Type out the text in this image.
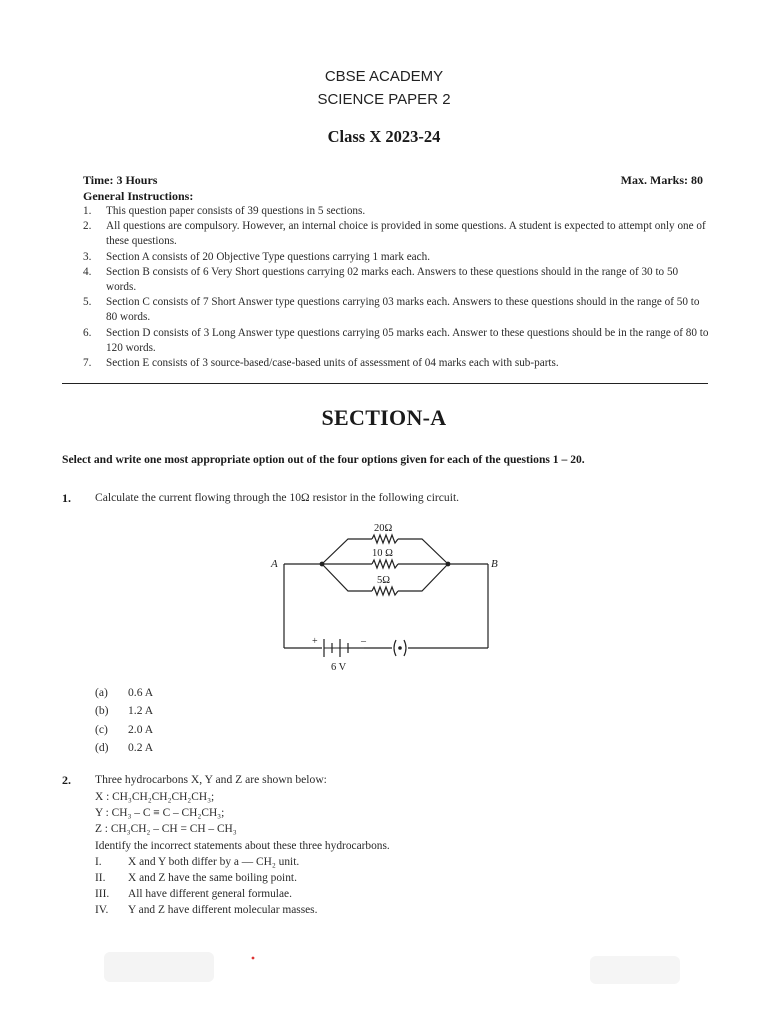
CBSE ACADEMY
SCIENCE PAPER 2
Class X 2023-24
Time: 3 Hours	Max. Marks: 80
General Instructions:
1.	This question paper consists of 39 questions in 5 sections.
2.	All questions are compulsory. However, an internal choice is provided in some questions. A student is expected to attempt only one of these questions.
3.	Section A consists of 20 Objective Type questions carrying 1 mark each.
4.	Section B consists of 6 Very Short questions carrying 02 marks each. Answers to these questions should in the range of 30 to 50 words.
5.	Section C consists of 7 Short Answer type questions carrying 03 marks each. Answers to these questions should in the range of 50 to 80 words.
6.	Section D consists of 3 Long Answer type questions carrying 05 marks each. Answer to these questions should be in the range of 80 to 120 words.
7.	Section E consists of 3 source-based/case-based units of assessment of 04 marks each with sub-parts.
SECTION-A
Select and write one most appropriate option out of the four options given for each of the questions 1 – 20.
1. Calculate the current flowing through the 10Ω resistor in the following circuit.
20Ω
10 Ω
5Ω
A	B
+	–
6 V
(a)	0.6 A
(b)	1.2 A
(c)	2.0 A
(d)	0.2 A
2. Three hydrocarbons X, Y and Z are shown below:
X : CH₃CH₂CH₂CH₂CH₃;
Y : CH₃ – C ≡ C – CH₂CH₃;
Z : CH₃CH₂ – CH = CH – CH₃
Identify the incorrect statements about these three hydrocarbons.
I.	X and Y both differ by a — CH₂ unit.
II.	X and Z have the same boiling point.
III.	All have different general formulae.
IV.	Y and Z have different molecular masses.
